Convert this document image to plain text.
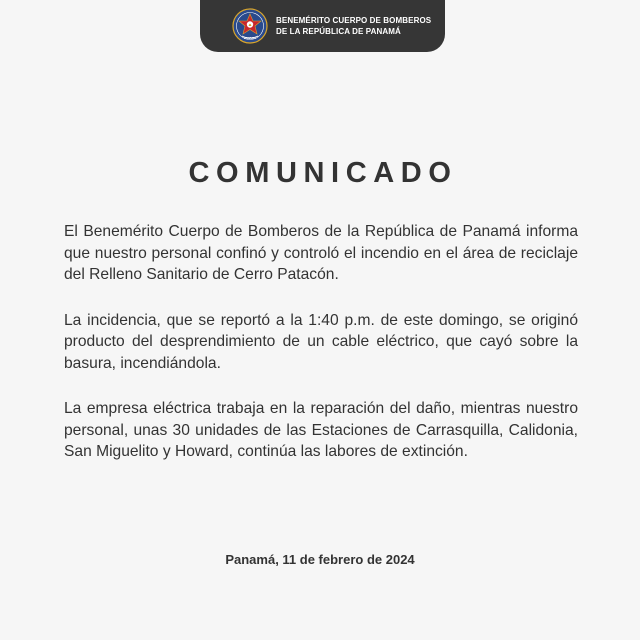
PANAMÁ
BENEMÉRITO CUERPO DE BOMBEROS
DE LA REPÚBLICA DE PANAMÁ
COMUNICADO

El Benemérito Cuerpo de Bomberos de la República de Panamá informa que nuestro personal confinó y controló el incendio en el área de reciclaje del Relleno Sanitario de Cerro Patacón.

La incidencia, que se reportó a la 1:40 p.m. de este domingo, se originó producto del desprendimiento de un cable eléctrico, que cayó sobre la basura, incendiándola.

La empresa eléctrica trabaja en la reparación del daño, mientras nuestro personal, unas 30 unidades de las Estaciones de Carrasquilla, Calidonia, San Miguelito y Howard, continúa las labores de extinción.

Panamá, 11 de febrero de 2024
